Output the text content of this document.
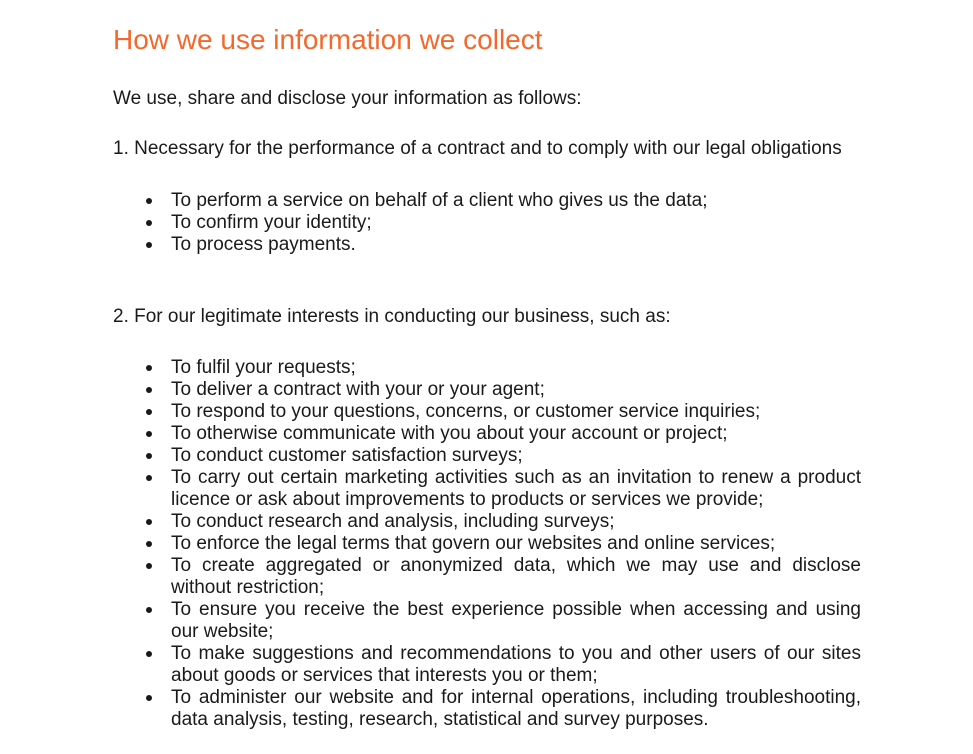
How we use information we collect

We use, share and disclose your information as follows:

1. Necessary for the performance of a contract and to comply with our legal obligations

To perform a service on behalf of a client who gives us the data;
To confirm your identity;
To process payments.

2. For our legitimate interests in conducting our business, such as:

To fulfil your requests;
To deliver a contract with your or your agent;
To respond to your questions, concerns, or customer service inquiries;
To otherwise communicate with you about your account or project;
To conduct customer satisfaction surveys;
To carry out certain marketing activities such as an invitation to renew a product licence or ask about improvements to products or services we provide;
To conduct research and analysis, including surveys;
To enforce the legal terms that govern our websites and online services;
To create aggregated or anonymized data, which we may use and disclose without restriction;
To ensure you receive the best experience possible when accessing and using our website;
To make suggestions and recommendations to you and other users of our sites about goods or services that interests you or them;
To administer our website and for internal operations, including troubleshooting, data analysis, testing, research, statistical and survey purposes.
